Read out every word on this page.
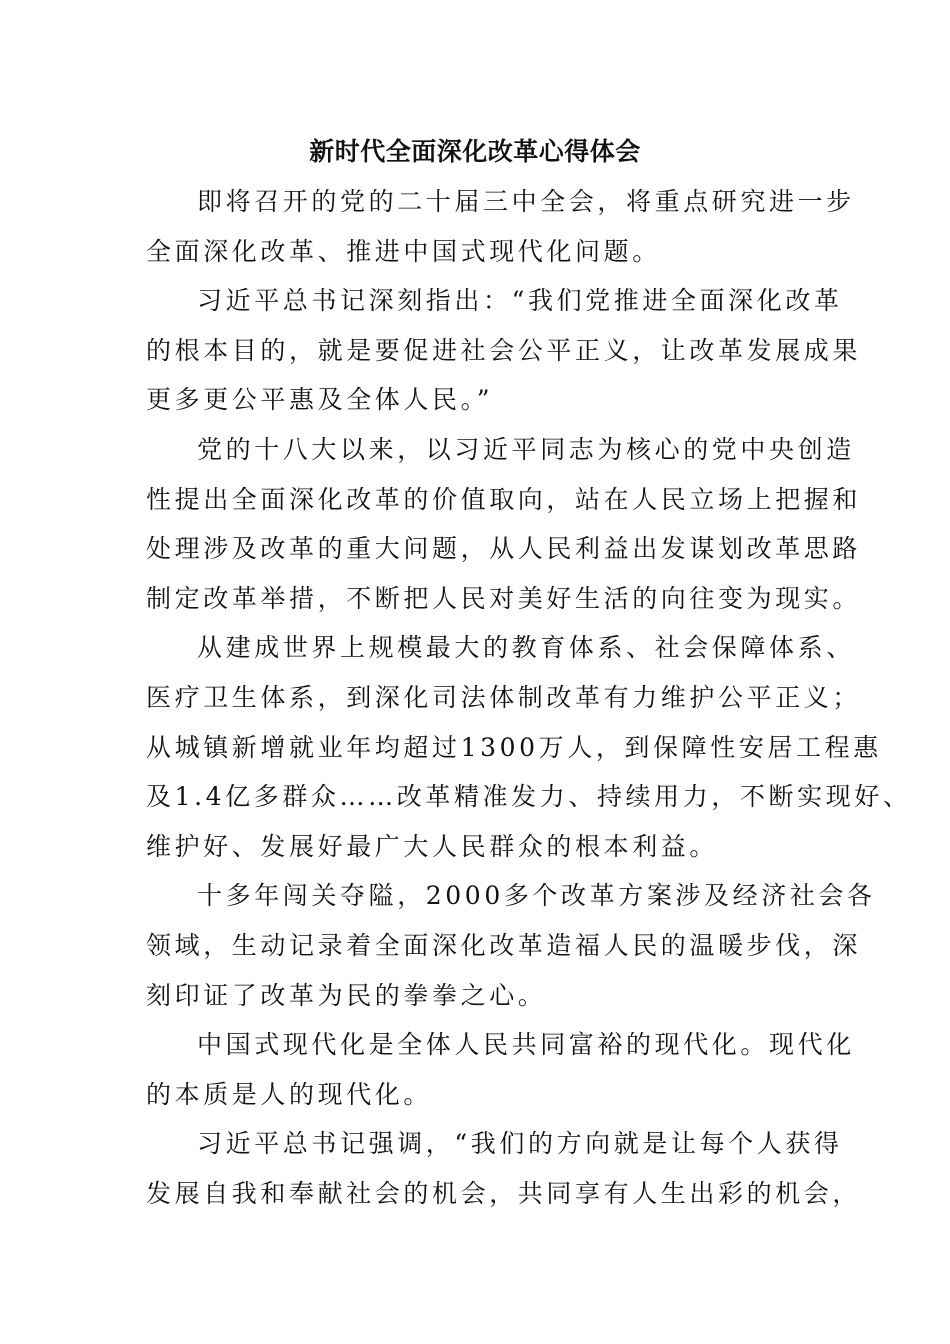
新时代全面深化改革心得体会
即将召开的党的二十届三中全会，将重点研究进一步
全面深化改革、推进中国式现代化问题。
习近平总书记深刻指出：“我们党推进全面深化改革
的根本目的，就是要促进社会公平正义，让改革发展成果
更多更公平惠及全体人民。”
党的十八大以来，以习近平同志为核心的党中央创造
性提出全面深化改革的价值取向，站在人民立场上把握和
处理涉及改革的重大问题，从人民利益出发谋划改革思路
制定改革举措，不断把人民对美好生活的向往变为现实。
从建成世界上规模最大的教育体系、社会保障体系、
医疗卫生体系，到深化司法体制改革有力维护公平正义；
从城镇新增就业年均超过1300万人，到保障性安居工程惠
及1.4亿多群众……改革精准发力、持续用力，不断实现好、
维护好、发展好最广大人民群众的根本利益。
十多年闯关夺隘，2000多个改革方案涉及经济社会各
领域，生动记录着全面深化改革造福人民的温暖步伐，深
刻印证了改革为民的拳拳之心。
中国式现代化是全体人民共同富裕的现代化。现代化
的本质是人的现代化。
习近平总书记强调，“我们的方向就是让每个人获得
发展自我和奉献社会的机会，共同享有人生出彩的机会，
